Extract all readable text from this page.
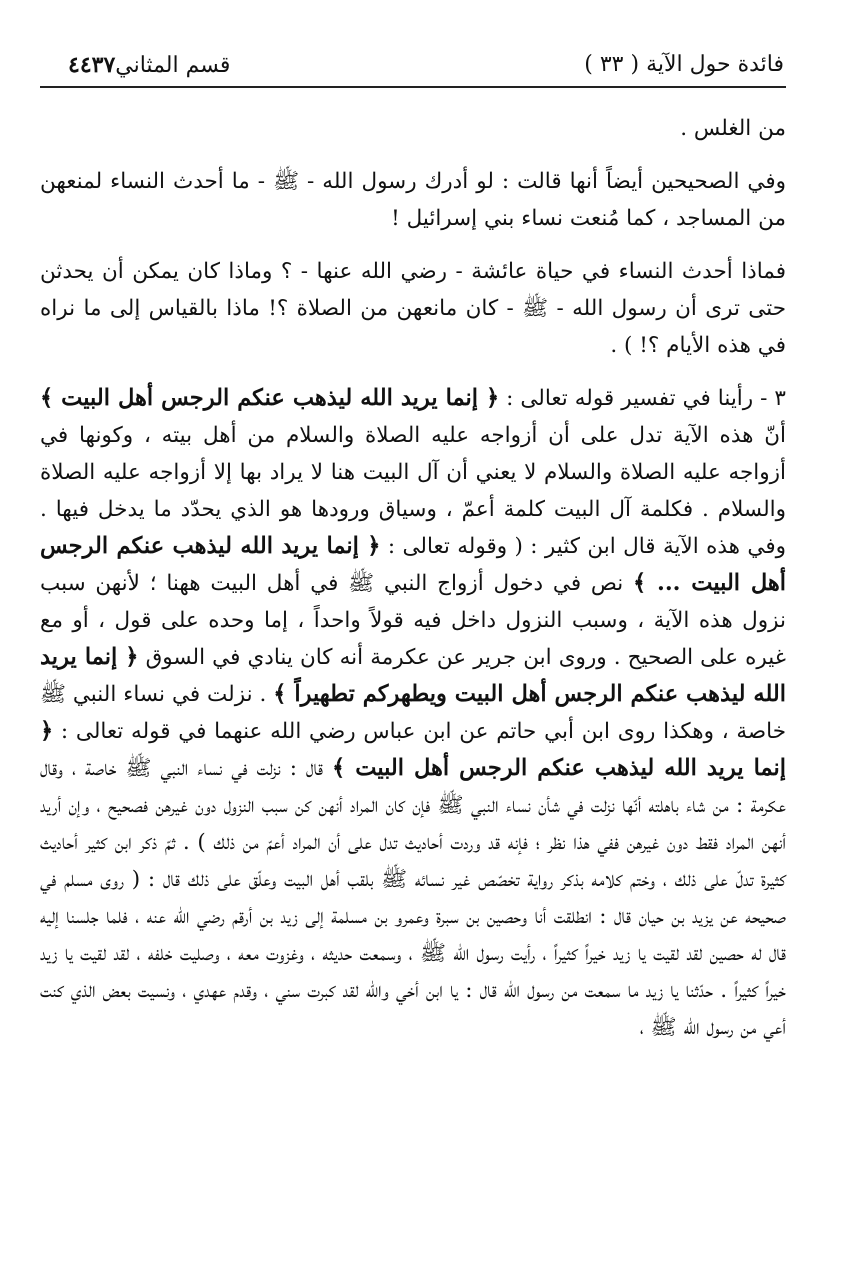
فائدة حول الآية ( ٣٣ )
قسم المثاني٤٤٣٧

من الغلس .

وفي الصحيحين أيضاً أنها قالت : لو أدرك رسول الله - ﷺ - ما أحدث النساء لمنعهن من المساجد ، كما مُنعت نساء بني إسرائيل !

فماذا أحدث النساء في حياة عائشة - رضي الله عنها - ؟ وماذا كان يمكن أن يحدثن حتى ترى أن رسول الله - ﷺ - كان مانعهن من الصلاة ؟! ماذا بالقياس إلى ما نراه في هذه الأيام ؟! ) .

٣ - رأينا في تفسير قوله تعالى : ﴿ إنما يريد الله ليذهب عنكم الرجس أهل البيت ﴾ أنّ هذه الآية تدل على أن أزواجه عليه الصلاة والسلام من أهل بيته ، وكونها في أزواجه عليه الصلاة والسلام لا يعني أن آل البيت هنا لا يراد بها إلا أزواجه عليه الصلاة والسلام . فكلمة آل البيت كلمة أعمّ ، وسياق ورودها هو الذي يحدّد ما يدخل فيها . وفي هذه الآية قال ابن كثير : ( وقوله تعالى : ﴿ إنما يريد الله ليذهب عنكم الرجس أهل البيت ... ﴾ نص في دخول أزواج النبي ﷺ في أهل البيت ههنا ؛ لأنهن سبب نزول هذه الآية ، وسبب النزول داخل فيه قولاً واحداً ، إما وحده على قول ، أو مع غيره على الصحيح . وروى ابن جرير عن عكرمة أنه كان ينادي في السوق ﴿ إنما يريد الله ليذهب عنكم الرجس أهل البيت ويطهركم تطهيراً ﴾ . نزلت في نساء النبي ﷺ خاصة ، وهكذا روى ابن أبي حاتم عن ابن عباس رضي الله عنهما في قوله تعالى : ﴿ إنما يريد الله ليذهب عنكم الرجس أهل البيت ﴾ قال : نزلت في نساء النبي ﷺ خاصة ، وقال عكرمة : من شاء باهلته أنّها نزلت في شأن نساء النبي ﷺ فإن كان المراد أنهن كن سبب النزول دون غيرهن فصحيح ، وإن أريد أنهن المراد فقط دون غيرهن ففي هذا نظر ؛ فإنه قد وردت أحاديث تدل على أن المراد أعمّ من ذلك ) . ثمّ ذكر ابن كثير أحاديث كثيرة تدلّ على ذلك ، وختم كلامه بذكر رواية تخصّص غير نسائه ﷺ بلقب أهل البيت وعلّق على ذلك قال : ( روى مسلم في صحيحه عن يزيد بن حيان قال : انطلقت أنا وحصين بن سبرة وعمرو بن مسلمة إلى زيد بن أرقم رضي الله عنه ، فلما جلسنا إليه قال له حصين لقد لقيت يا زيد خيراً كثيراً ، رأيت رسول الله ﷺ ، وسمعت حديثه ، وغزوت معه ، وصليت خلفه ، لقد لقيت يا زيد خيراً كثيراً . حدّثنا يا زيد ما سمعت من رسول الله قال : يا ابن أخي والله لقد كبرت سني ، وقدم عهدي ، ونسيت بعض الذي كنت أعي من رسول الله ﷺ ،
